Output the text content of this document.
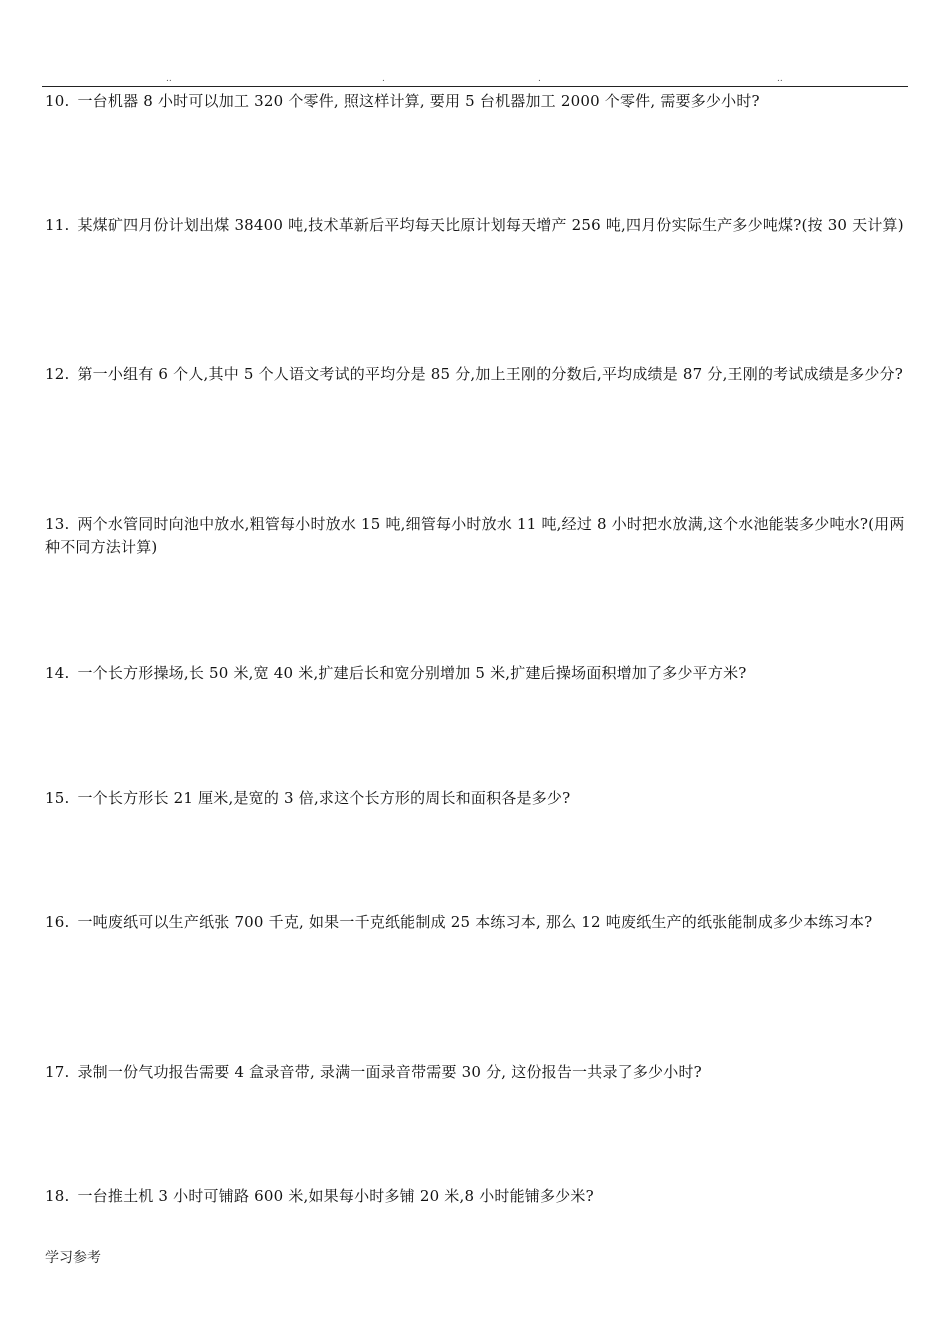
..	.	.	..
10. 一台机器 8 小时可以加工 320 个零件, 照这样计算, 要用 5 台机器加工 2000 个零件, 需要多少小时?
11. 某煤矿四月份计划出煤 38400 吨,技术革新后平均每天比原计划每天增产 256 吨,四月份实际生产多少吨煤?(按 30 天计算)
12. 第一小组有 6 个人,其中 5 个人语文考试的平均分是 85 分,加上王刚的分数后,平均成绩是 87 分,王刚的考试成绩是多少分?
13. 两个水管同时向池中放水,粗管每小时放水 15 吨,细管每小时放水 11 吨,经过 8 小时把水放满,这个水池能装多少吨水?(用两种不同方法计算)
14. 一个长方形操场,长 50 米,宽 40 米,扩建后长和宽分别增加 5 米,扩建后操场面积增加了多少平方米?
15. 一个长方形长 21 厘米,是宽的 3 倍,求这个长方形的周长和面积各是多少?
16. 一吨废纸可以生产纸张 700 千克, 如果一千克纸能制成 25 本练习本, 那么 12 吨废纸生产的纸张能制成多少本练习本?
17. 录制一份气功报告需要 4 盒录音带, 录满一面录音带需要 30 分, 这份报告一共录了多少小时?
18. 一台推土机 3 小时可铺路 600 米,如果每小时多铺 20 米,8 小时能铺多少米?
学习参考
